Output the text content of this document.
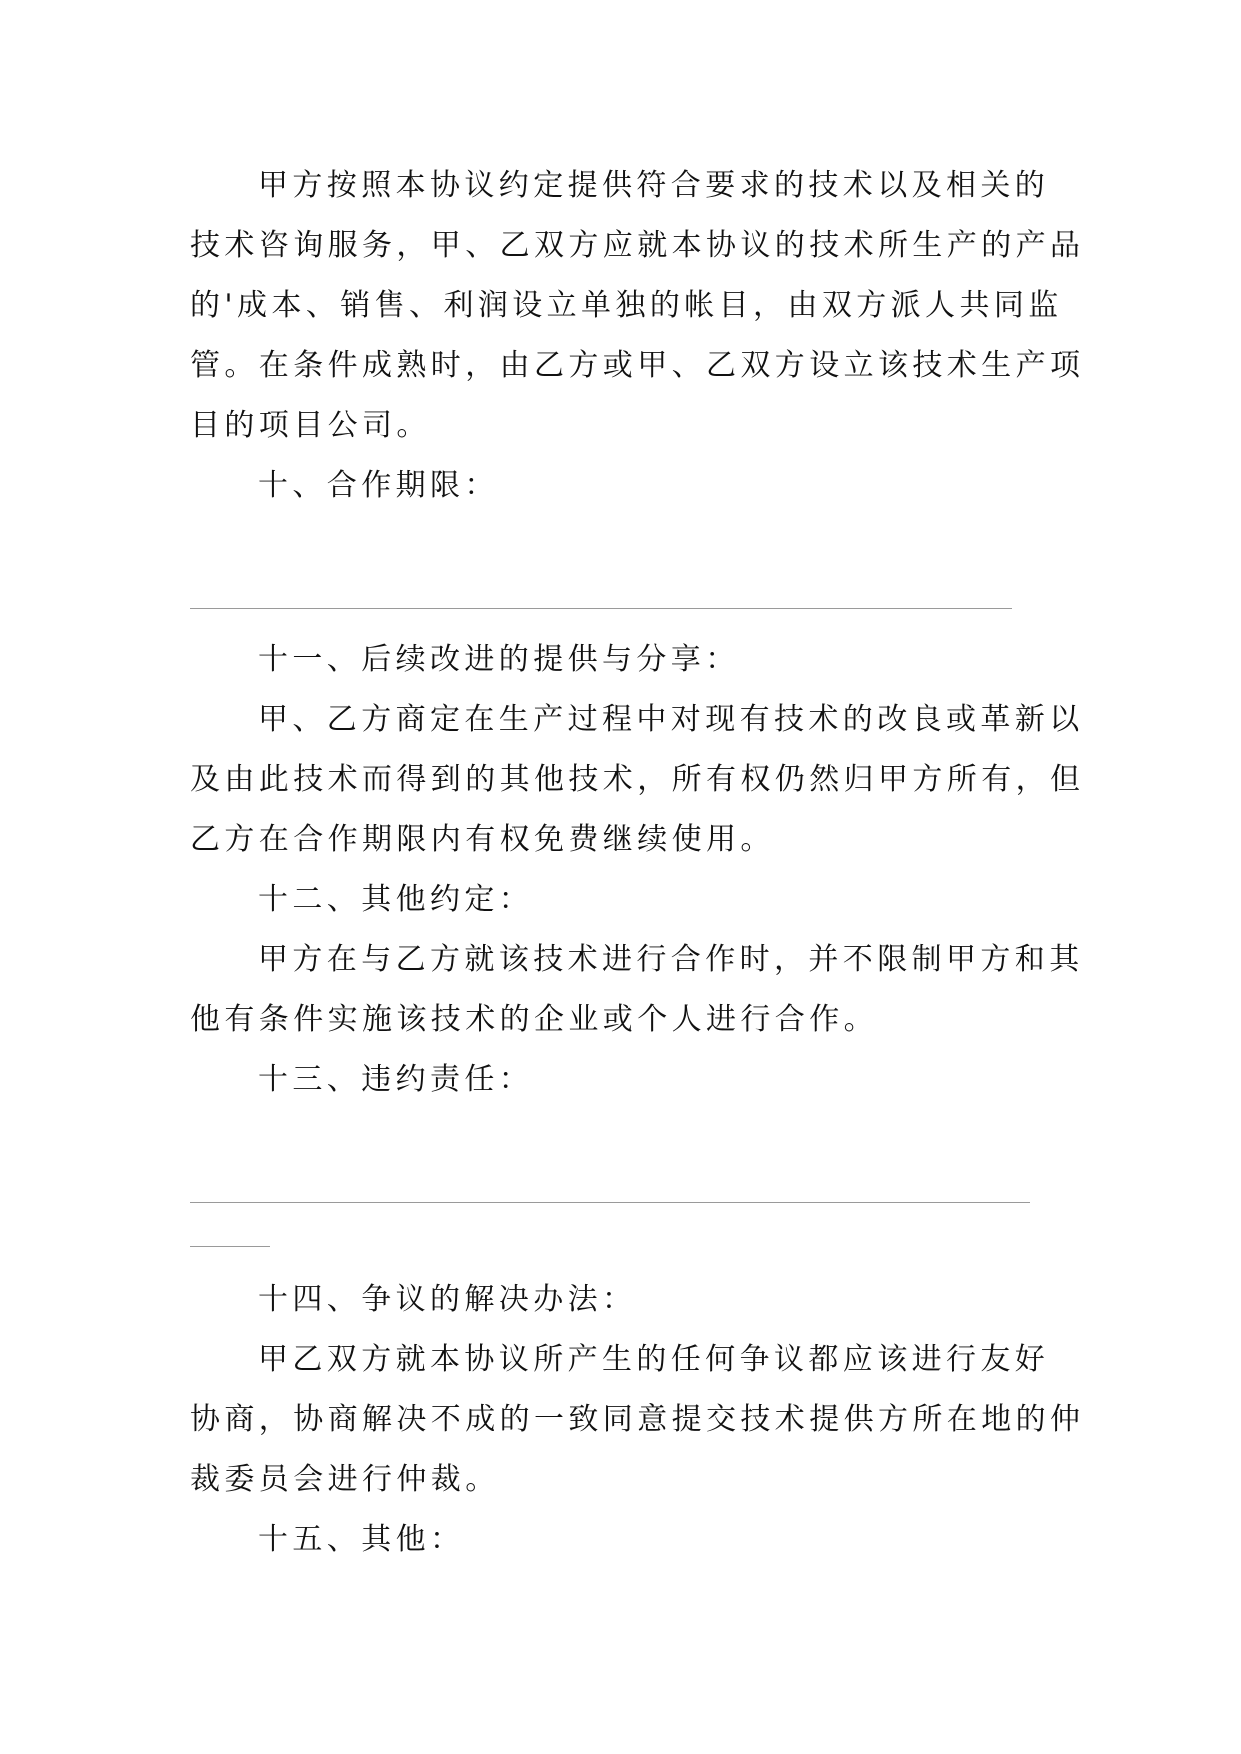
甲方按照本协议约定提供符合要求的技术以及相关的
技术咨询服务，甲、乙双方应就本协议的技术所生产的产品
的'成本、销售、利润设立单独的帐目，由双方派人共同监
管。在条件成熟时，由乙方或甲、乙双方设立该技术生产项
目的项目公司。
十、合作期限：
十一、后续改进的提供与分享：
甲、乙方商定在生产过程中对现有技术的改良或革新以
及由此技术而得到的其他技术，所有权仍然归甲方所有，但
乙方在合作期限内有权免费继续使用。
十二、其他约定：
甲方在与乙方就该技术进行合作时，并不限制甲方和其
他有条件实施该技术的企业或个人进行合作。
十三、违约责任：
十四、争议的解决办法：
甲乙双方就本协议所产生的任何争议都应该进行友好
协商，协商解决不成的一致同意提交技术提供方所在地的仲
裁委员会进行仲裁。
十五、其他：
